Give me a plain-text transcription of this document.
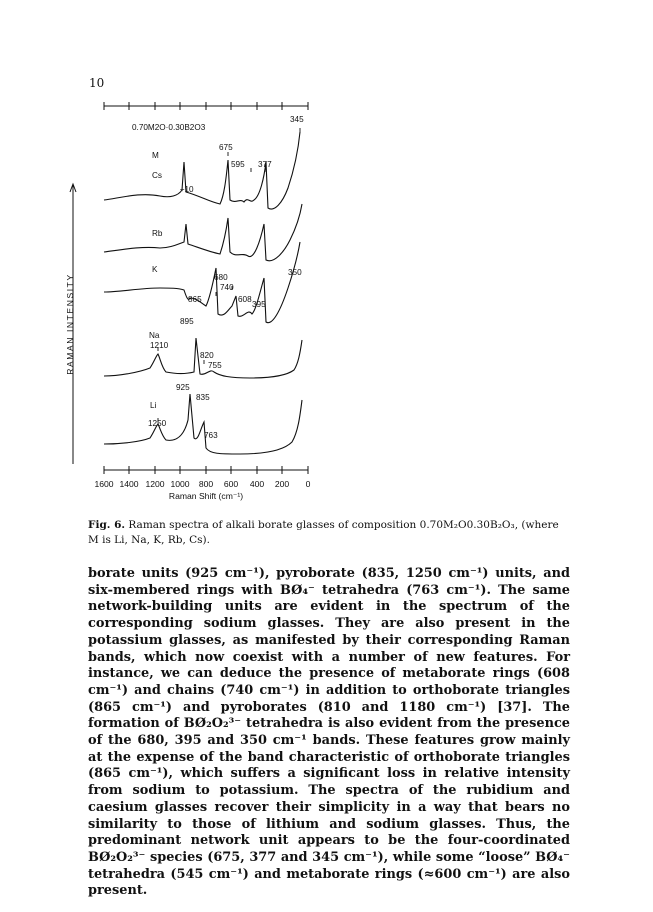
10
0.70M2O·0.30B2O3
M
Cs
÷10
675
595 377
345
Rb
K
680
740
865	608
395
350
895
Na
1210
820
755
925
Li
1250
835
763
RAMAN INTENSITY
1600 1400 1200 1000 800 600 400 200 0
Raman Shift (cm⁻¹)
Fig. 6. Raman spectra of alkali borate glasses of composition 0.70M₂O0.30B₂O₃, (where M is Li, Na, K, Rb, Cs).
borate units (925 cm⁻¹), pyroborate (835, 1250 cm⁻¹) units, and six-membered rings with BØ₄⁻ tetrahedra (763 cm⁻¹). The same network-building units are evident in the spectrum of the corresponding sodium glasses. They are also present in the potassium glasses, as manifested by their corresponding Raman bands, which now coexist with a number of new features. For instance, we can deduce the presence of metaborate rings (608 cm⁻¹) and chains (740 cm⁻¹) in addition to orthoborate triangles (865 cm⁻¹) and pyroborates (810 and 1180 cm⁻¹) [37]. The formation of BØ₂O₂³⁻ tetrahedra is also evident from the presence of the 680, 395 and 350 cm⁻¹ bands. These features grow mainly at the expense of the band characteristic of orthoborate triangles (865 cm⁻¹), which suffers a significant loss in relative intensity from sodium to potassium. The spectra of the rubidium and caesium glasses recover their simplicity in a way that bears no similarity to those of lithium and sodium glasses. Thus, the predominant network unit appears to be the four-coordinated BØ₂O₂³⁻ species (675, 377 and 345 cm⁻¹), while some “loose” BØ₄⁻ tetrahedra (545 cm⁻¹) and metaborate rings (≈600 cm⁻¹) are also present.
